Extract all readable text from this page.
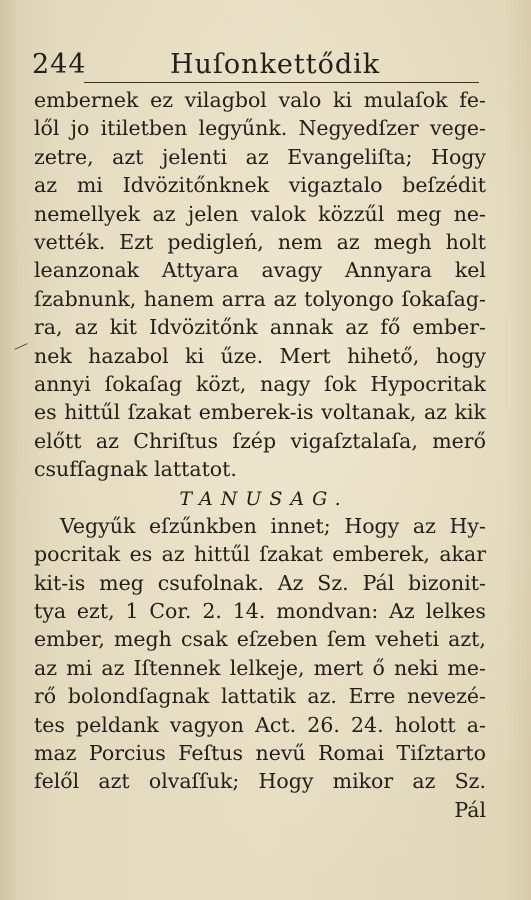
244	Huſonkettődik
embernek ez vilagbol valo ki mulaſok fe-
lől jo itiletben legyűnk. Negyedſzer vege-
zetre, azt jelenti az Evangeliſta; Hogy
az mi Idvözitőnknek vigaztalo beſzédit
nemellyek az jelen valok közzűl meg ne-
vették. Ezt pedigleń, nem az megh holt
leanzonak Attyara avagy Annyara kel
ſzabnunk, hanem arra az tolyongo ſokaſag-
ra, az kit Idvözitőnk annak az fő ember-
nek hazabol ki űze. Mert hihető, hogy
annyi ſokaſag közt, nagy ſok Hypocritak
es hittűl ſzakat emberek-is voltanak, az kik
előtt az Chriſtus ſzép vigaſztalaſa, merő
csufſagnak lattatot.
TANUSAG.
Vegyűk eſzűnkben innet; Hogy az Hy-
pocritak es az hittűl ſzakat emberek, akar
kit-is meg csufolnak. Az Sz. Pál bizonit-
tya ezt, 1 Cor. 2. 14. mondvan: Az lelkes
ember, megh csak eſzeben ſem veheti azt,
az mi az Iſtennek lelkeje, mert ő neki me-
rő bolondſagnak lattatik az. Erre nevezé-
tes peldank vagyon Act. 26. 24. holott a-
maz Porcius Feſtus nevű Romai Tiſztarto
felől azt olvaſſuk; Hogy mikor az Sz.
Pál
